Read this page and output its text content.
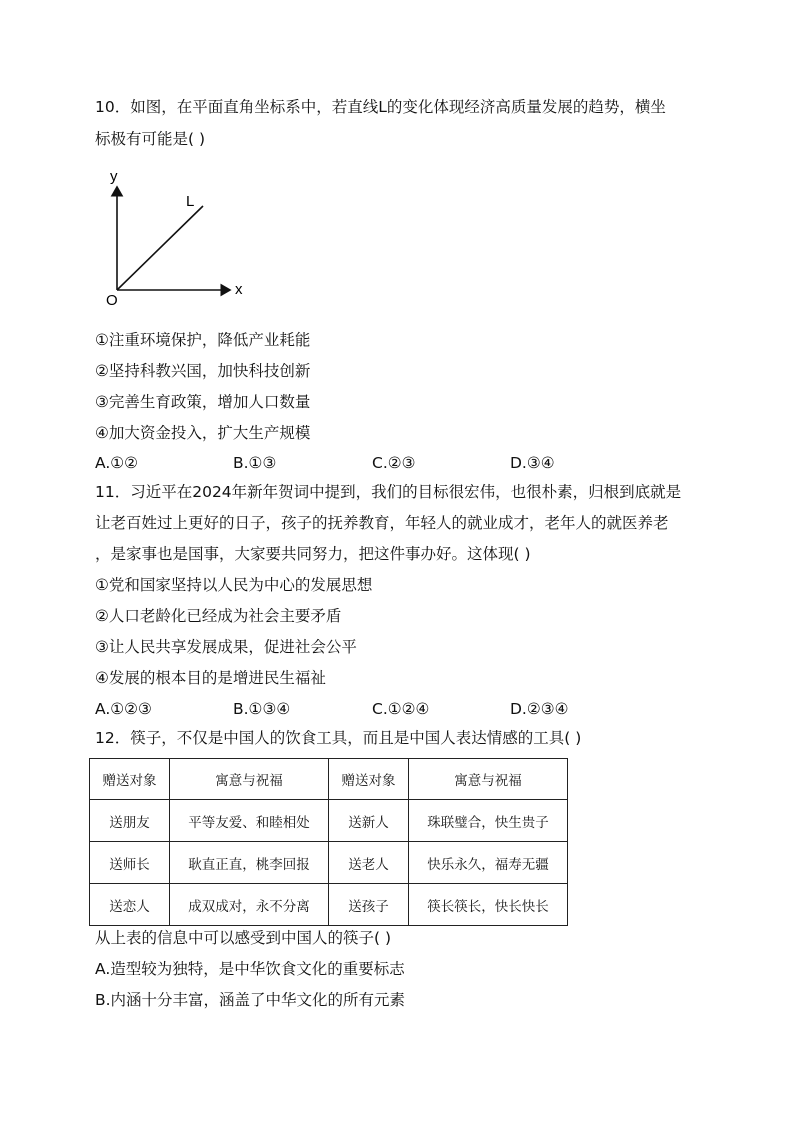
10．如图，在平面直角坐标系中，若直线L的变化体现经济高质量发展的趋势，横坐
标极有可能是( )
y
x
O
L
①注重环境保护，降低产业耗能
②坚持科教兴国，加快科技创新
③完善生育政策，增加人口数量
④加大资金投入，扩大生产规模
A.①②	B.①③	C.②③	D.③④
11．习近平在2024年新年贺词中提到，我们的目标很宏伟，也很朴素，归根到底就是
让老百姓过上更好的日子，孩子的抚养教育，年轻人的就业成才，老年人的就医养老
，是家事也是国事，大家要共同努力，把这件事办好。这体现( )
①党和国家坚持以人民为中心的发展思想
②人口老龄化已经成为社会主要矛盾
③让人民共享发展成果，促进社会公平
④发展的根本目的是增进民生福祉
A.①②③	B.①③④	C.①②④	D.②③④
12．筷子，不仅是中国人的饮食工具，而且是中国人表达情感的工具( )
赠送对象	寓意与祝福	赠送对象	寓意与祝福
送朋友	平等友爱、和睦相处	送新人	珠联璧合，快生贵子
送师长	耿直正直，桃李回报	送老人	快乐永久，福寿无疆
送恋人	成双成对，永不分离	送孩子	筷长筷长，快长快长
从上表的信息中可以感受到中国人的筷子( )
A.造型较为独特，是中华饮食文化的重要标志
B.内涵十分丰富，涵盖了中华文化的所有元素
